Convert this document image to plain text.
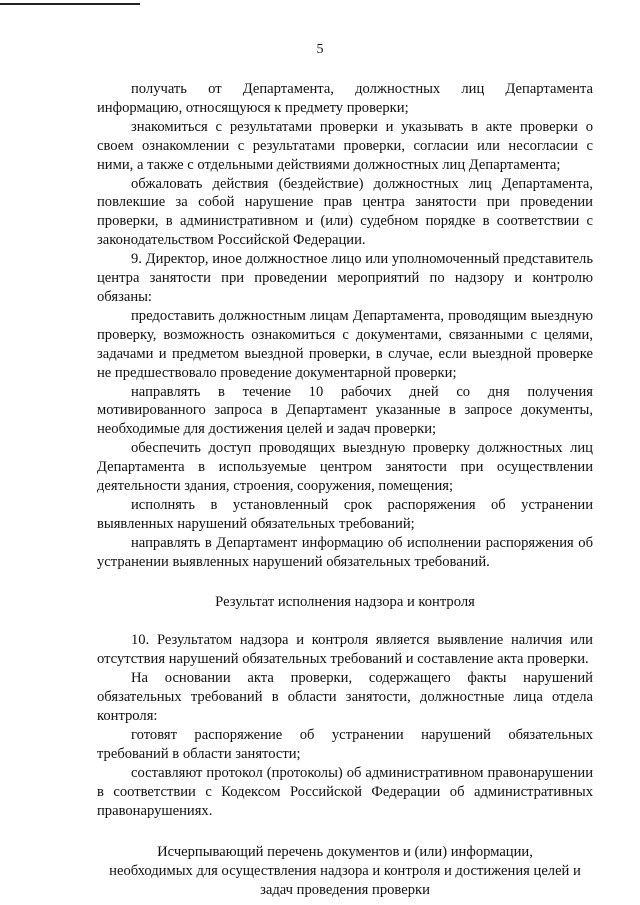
5

получать от Департамента, должностных лиц Департамента информацию, относящуюся к предмету проверки;

знакомиться с результатами проверки и указывать в акте проверки о своем ознакомлении с результатами проверки, согласии или несогласии с ними, а также с отдельными действиями должностных лиц Департамента;

обжаловать действия (бездействие) должностных лиц Департамента, повлекшие за собой нарушение прав центра занятости при проведении проверки, в административном и (или) судебном порядке в соответствии с законодательством Российской Федерации.

9. Директор, иное должностное лицо или уполномоченный представитель центра занятости при проведении мероприятий по надзору и контролю обязаны:

предоставить должностным лицам Департамента, проводящим выездную проверку, возможность ознакомиться с документами, связанными с целями, задачами и предметом выездной проверки, в случае, если выездной проверке не предшествовало проведение документарной проверки;

направлять в течение 10 рабочих дней со дня получения мотивированного запроса в Департамент указанные в запросе документы, необходимые для достижения целей и задач проверки;

обеспечить доступ проводящих выездную проверку должностных лиц Департамента в используемые центром занятости при осуществлении деятельности здания, строения, сооружения, помещения;

исполнять в установленный срок распоряжения об устранении выявленных нарушений обязательных требований;

направлять в Департамент информацию об исполнении распоряжения об устранении выявленных нарушений обязательных требований.

Результат исполнения надзора и контроля

10. Результатом надзора и контроля является выявление наличия или отсутствия нарушений обязательных требований и составление акта проверки.

На основании акта проверки, содержащего факты нарушений обязательных требований в области занятости, должностные лица отдела контроля:

готовят распоряжение об устранении нарушений обязательных требований в области занятости;

составляют протокол (протоколы) об административном правонарушении в соответствии с Кодексом Российской Федерации об административных правонарушениях.

Исчерпывающий перечень документов и (или) информации,
необходимых для осуществления надзора и контроля и достижения целей и
задач проведения проверки
